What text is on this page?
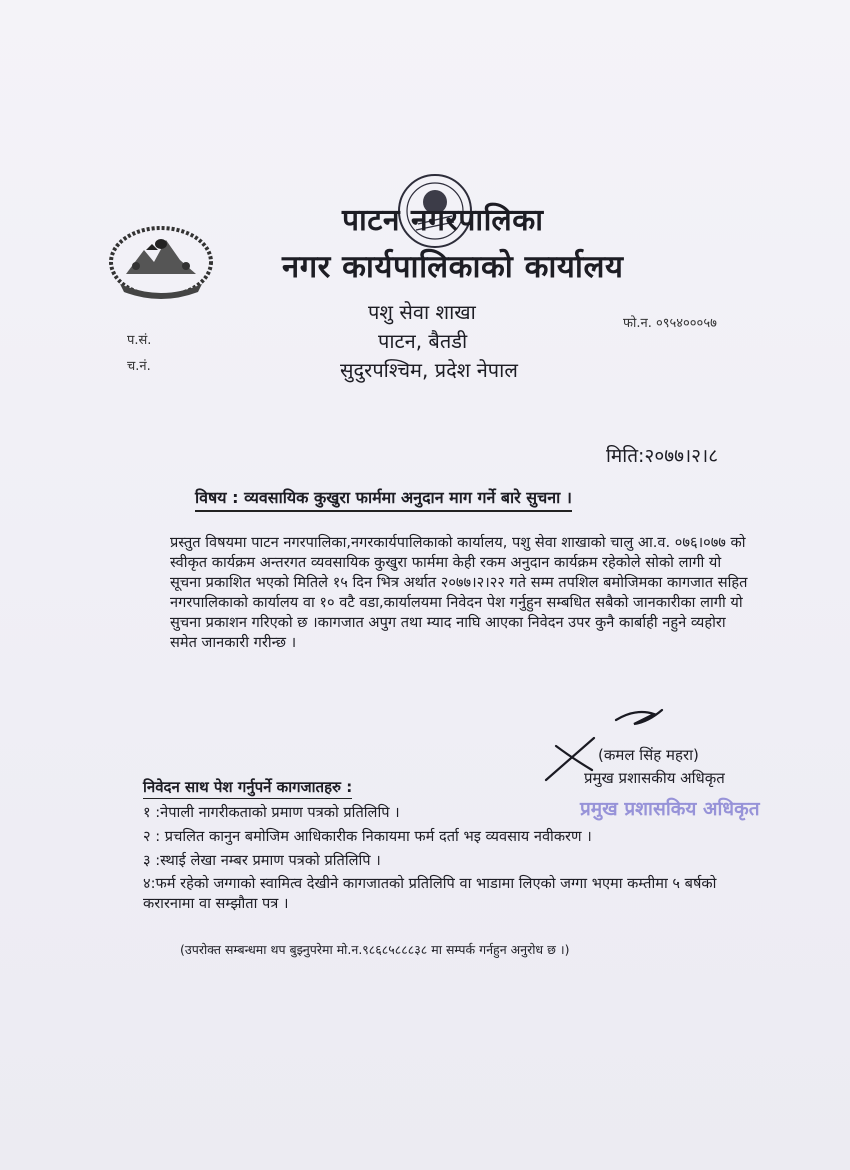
पाटन नगरपालिका
नगर कार्यपालिकाको कार्यालय
पशु सेवा शाखा
पाटन, बैतडी
सुदुरपश्चिम, प्रदेश नेपाल
फो.न. ०९५४०००५७
प.सं.
च.नं.
मिति:२०७७।२।८
विषय : व्यवसायिक कुखुरा फार्ममा अनुदान माग गर्ने बारे सुचना ।

प्रस्तुत विषयमा पाटन नगरपालिका,नगरकार्यपालिकाको कार्यालय, पशु सेवा शाखाको चालु आ.व. ०७६।०७७ को स्वीकृत कार्यक्रम अन्तरगत व्यवसायिक कुखुरा फार्ममा केही रकम अनुदान कार्यक्रम रहेकोले सोको लागी यो सूचना प्रकाशित भएको मितिले १५ दिन भित्र अर्थात २०७७।२।२२ गते सम्म तपशिल बमोजिमका कागजात सहित नगरपालिकाको कार्यालय वा १० वटै वडा,कार्यालयमा निवेदन पेश गर्नुहुन सम्बधित सबैको जानकारीका लागी यो सुचना प्रकाशन गरिएको छ ।कागजात अपुग तथा म्याद नाघि आएका निवेदन उपर कुनै कार्बाही नहुने व्यहोरा समेत जानकारी गरीन्छ ।

(कमल सिंह महरा)
प्रमुख प्रशासकीय अधिकृत
प्रमुख प्रशासकिय अधिकृत
निवेदन साथ पेश गर्नुपर्ने कागजातहरु :
१ :नेपाली नागरीकताको प्रमाण पत्रको प्रतिलिपि ।
२ : प्रचलित कानुन बमोजिम आधिकारीक निकायमा फर्म दर्ता भइ व्यवसाय नवीकरण ।
३ :स्थाई लेखा नम्बर प्रमाण पत्रको प्रतिलिपि ।
४:फर्म रहेको जग्गाको स्वामित्व देखीने कागजातको प्रतिलिपि वा भाडामा लिएको जग्गा भएमा कम्तीमा ५ बर्षको करारनामा वा सम्झौता पत्र ।
(उपरोक्त सम्बन्धमा थप बुझ्नुपरेमा मो.न.९८६८५८८८३८ मा सम्पर्क गर्नहुन अनुरोध छ ।)
